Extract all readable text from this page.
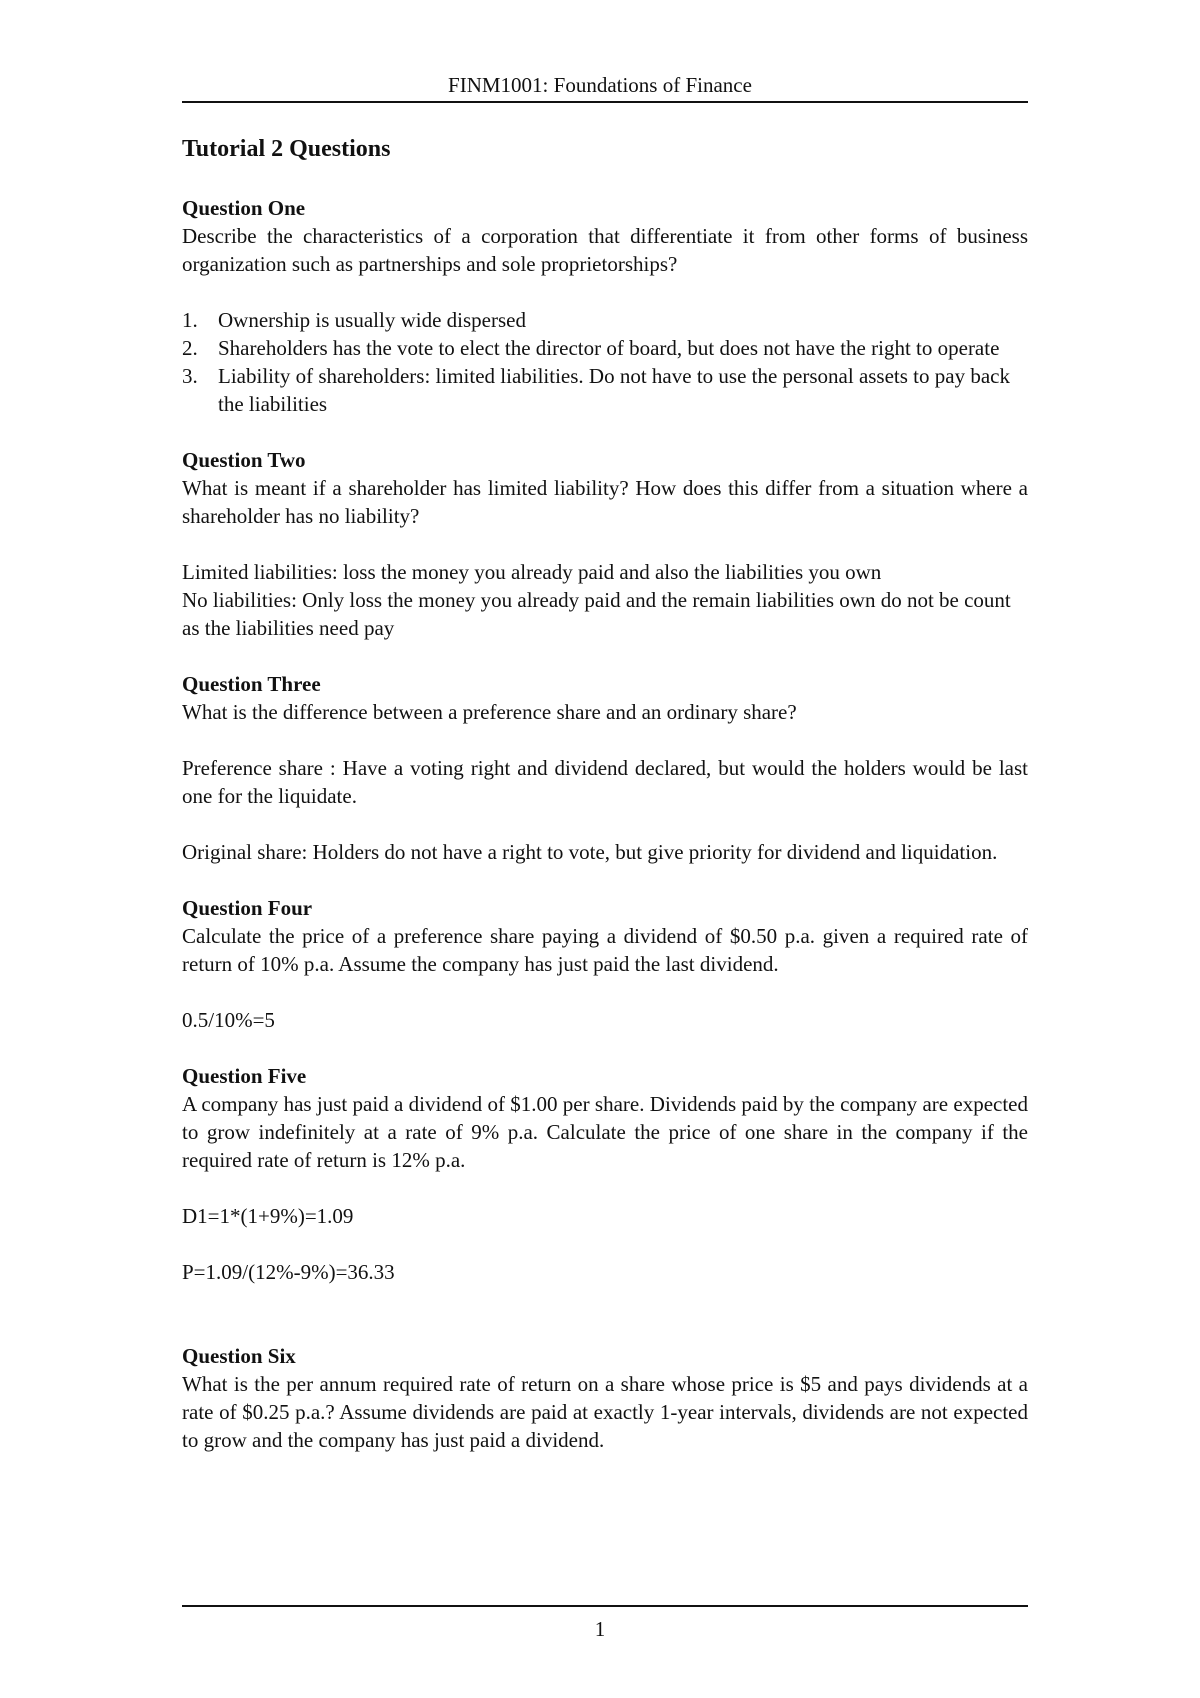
FINM1001: Foundations of Finance
Tutorial 2 Questions
Question One
Describe the characteristics of a corporation that differentiate it from other forms of business organization such as partnerships and sole proprietorships?
1. Ownership is usually wide dispersed
2. Shareholders has the vote to elect the director of board, but does not have the right to operate
3. Liability of shareholders: limited liabilities. Do not have to use the personal assets to pay back the liabilities
Question Two
What is meant if a shareholder has limited liability? How does this differ from a situation where a shareholder has no liability?
Limited liabilities: loss the money you already paid and also the liabilities you own
No liabilities: Only loss the money you already paid and the remain liabilities own do not be count as the liabilities need pay
Question Three
What is the difference between a preference share and an ordinary share?
Preference share : Have a voting right and dividend declared, but would the holders would be last one for the liquidate.
Original share: Holders do not have a right to vote, but give priority for dividend and liquidation.
Question Four
Calculate the price of a preference share paying a dividend of $0.50 p.a. given a required rate of return of 10% p.a. Assume the company has just paid the last dividend.
0.5/10%=5
Question Five
A company has just paid a dividend of $1.00 per share. Dividends paid by the company are expected to grow indefinitely at a rate of 9% p.a. Calculate the price of one share in the company if the required rate of return is 12% p.a.
D1=1*(1+9%)=1.09
P=1.09/(12%-9%)=36.33
Question Six
What is the per annum required rate of return on a share whose price is $5 and pays dividends at a rate of $0.25 p.a.? Assume dividends are paid at exactly 1-year intervals, dividends are not expected to grow and the company has just paid a dividend.
1
